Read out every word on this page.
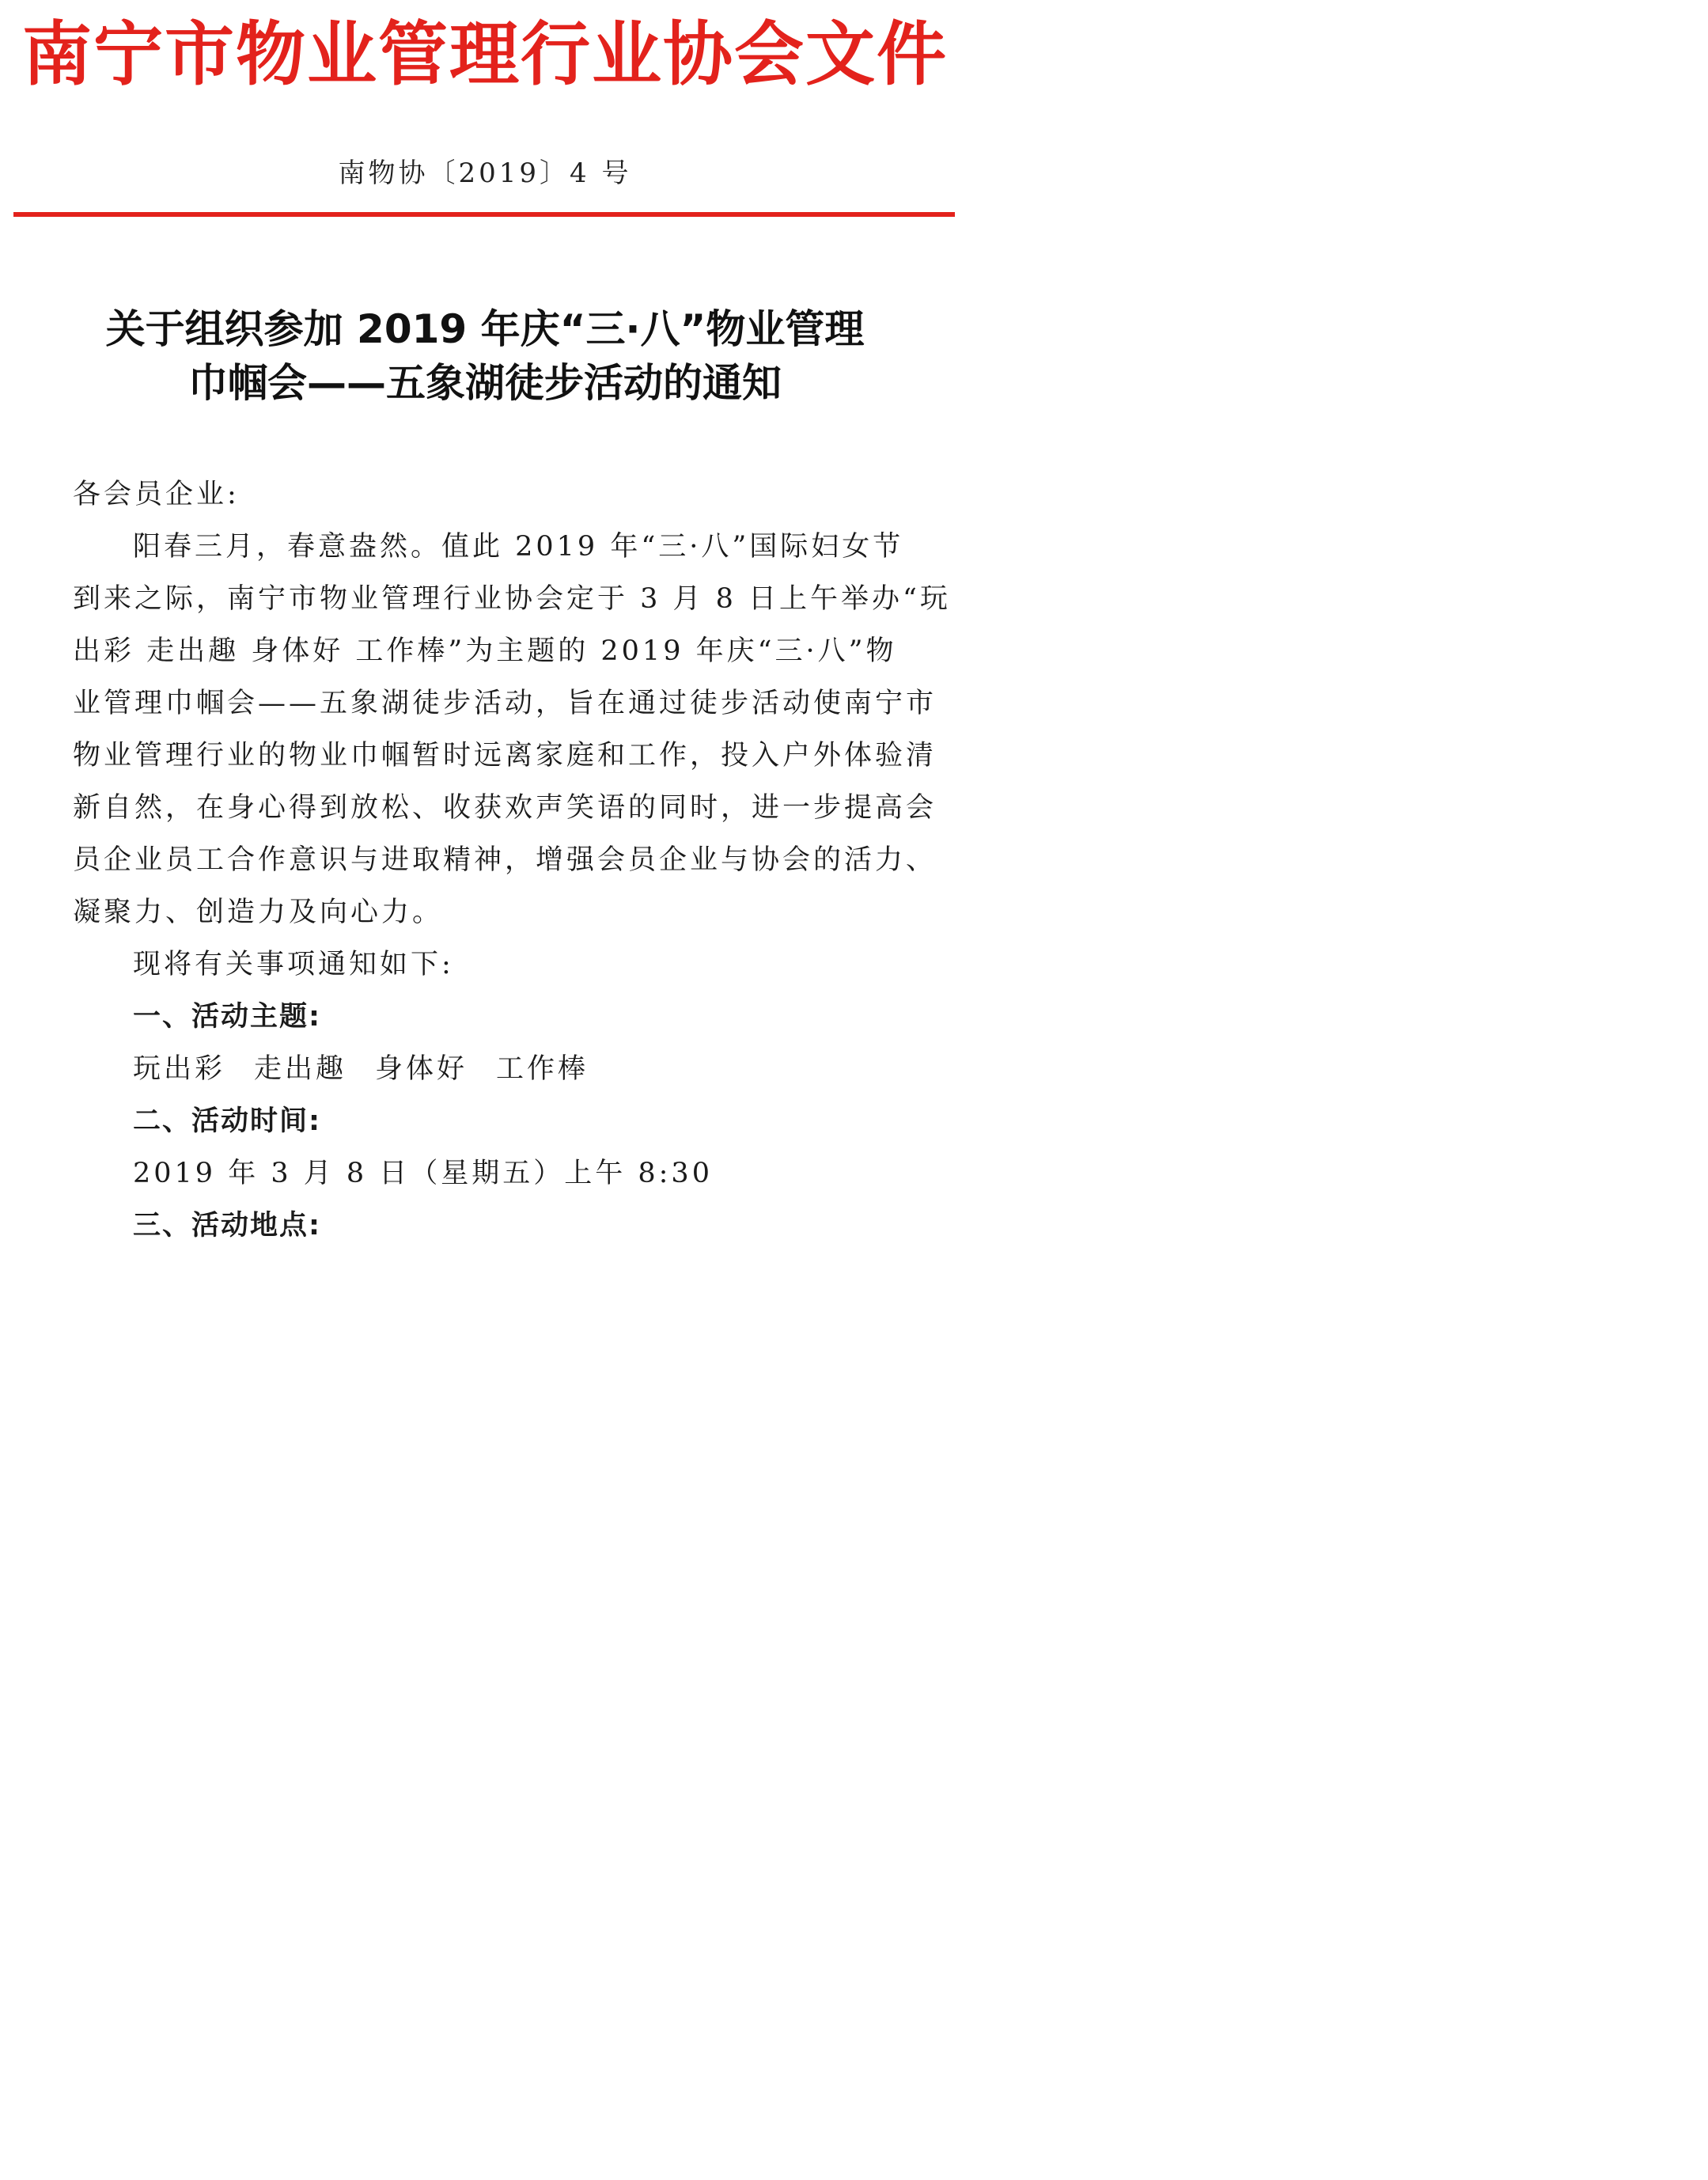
南宁市物业管理行业协会文件
南物协〔2019〕4 号
关于组织参加 2019 年庆“三·八”物业管理
巾帼会——五象湖徒步活动的通知
各会员企业:
阳春三月，春意盎然。值此 2019 年“三·八”国际妇女节
到来之际，南宁市物业管理行业协会定于 3 月 8 日上午举办“玩
出彩 走出趣 身体好 工作棒”为主题的 2019 年庆“三·八”物
业管理巾帼会——五象湖徒步活动，旨在通过徒步活动使南宁市
物业管理行业的物业巾帼暂时远离家庭和工作，投入户外体验清
新自然，在身心得到放松、收获欢声笑语的同时，进一步提高会
员企业员工合作意识与进取精神，增强会员企业与协会的活力、
凝聚力、创造力及向心力。
现将有关事项通知如下:
一、活动主题:
玩出彩 走出趣 身体好 工作棒
二、活动时间:
2019 年 3 月 8 日（星期五）上午 8:30
三、活动地点:
